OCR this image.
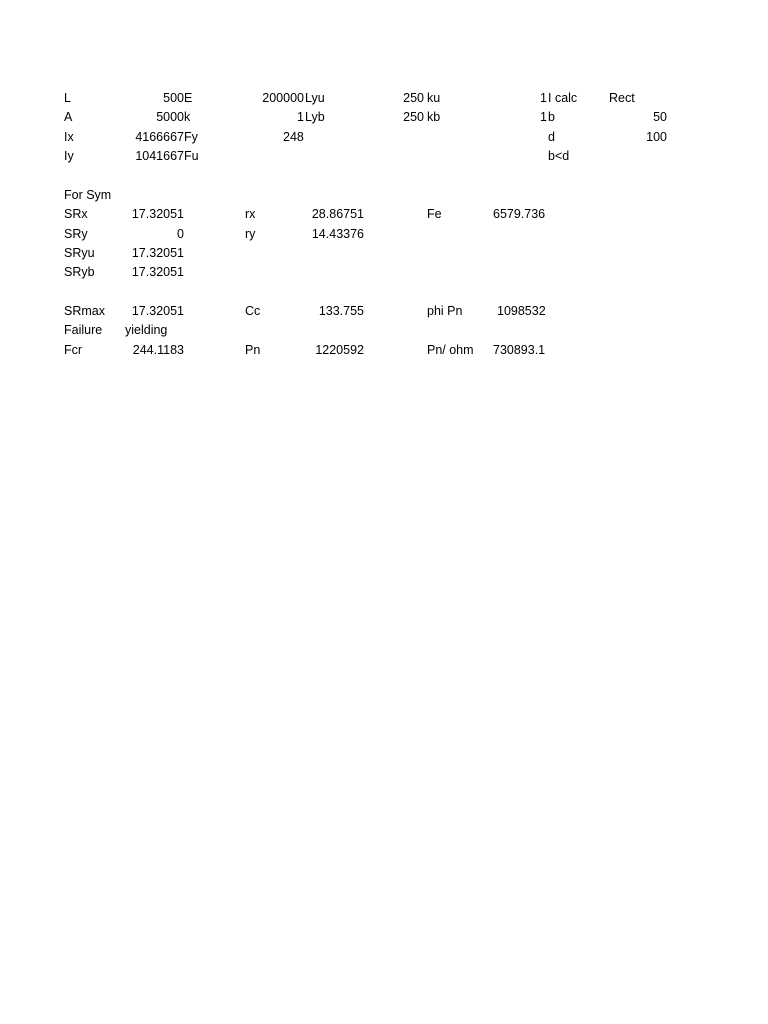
L	500 E	200000 Lyu	250 ku	1 I calc	Rect
A	5000 k	1 Lyb	250 kb	1 b	50
Ix	4166667 Fy	248	d	100
Iy	1041667 Fu	b<d
For Sym
SRx	17.32051	rx	28.86751	Fe	6579.736
SRy	0	ry	14.43376
SRyu	17.32051
SRyb	17.32051
SRmax	17.32051	Cc	133.755	phi Pn	1098532
Failure yielding
Fcr	244.1183	Pn	1220592	Pn/ ohm 730893.1
